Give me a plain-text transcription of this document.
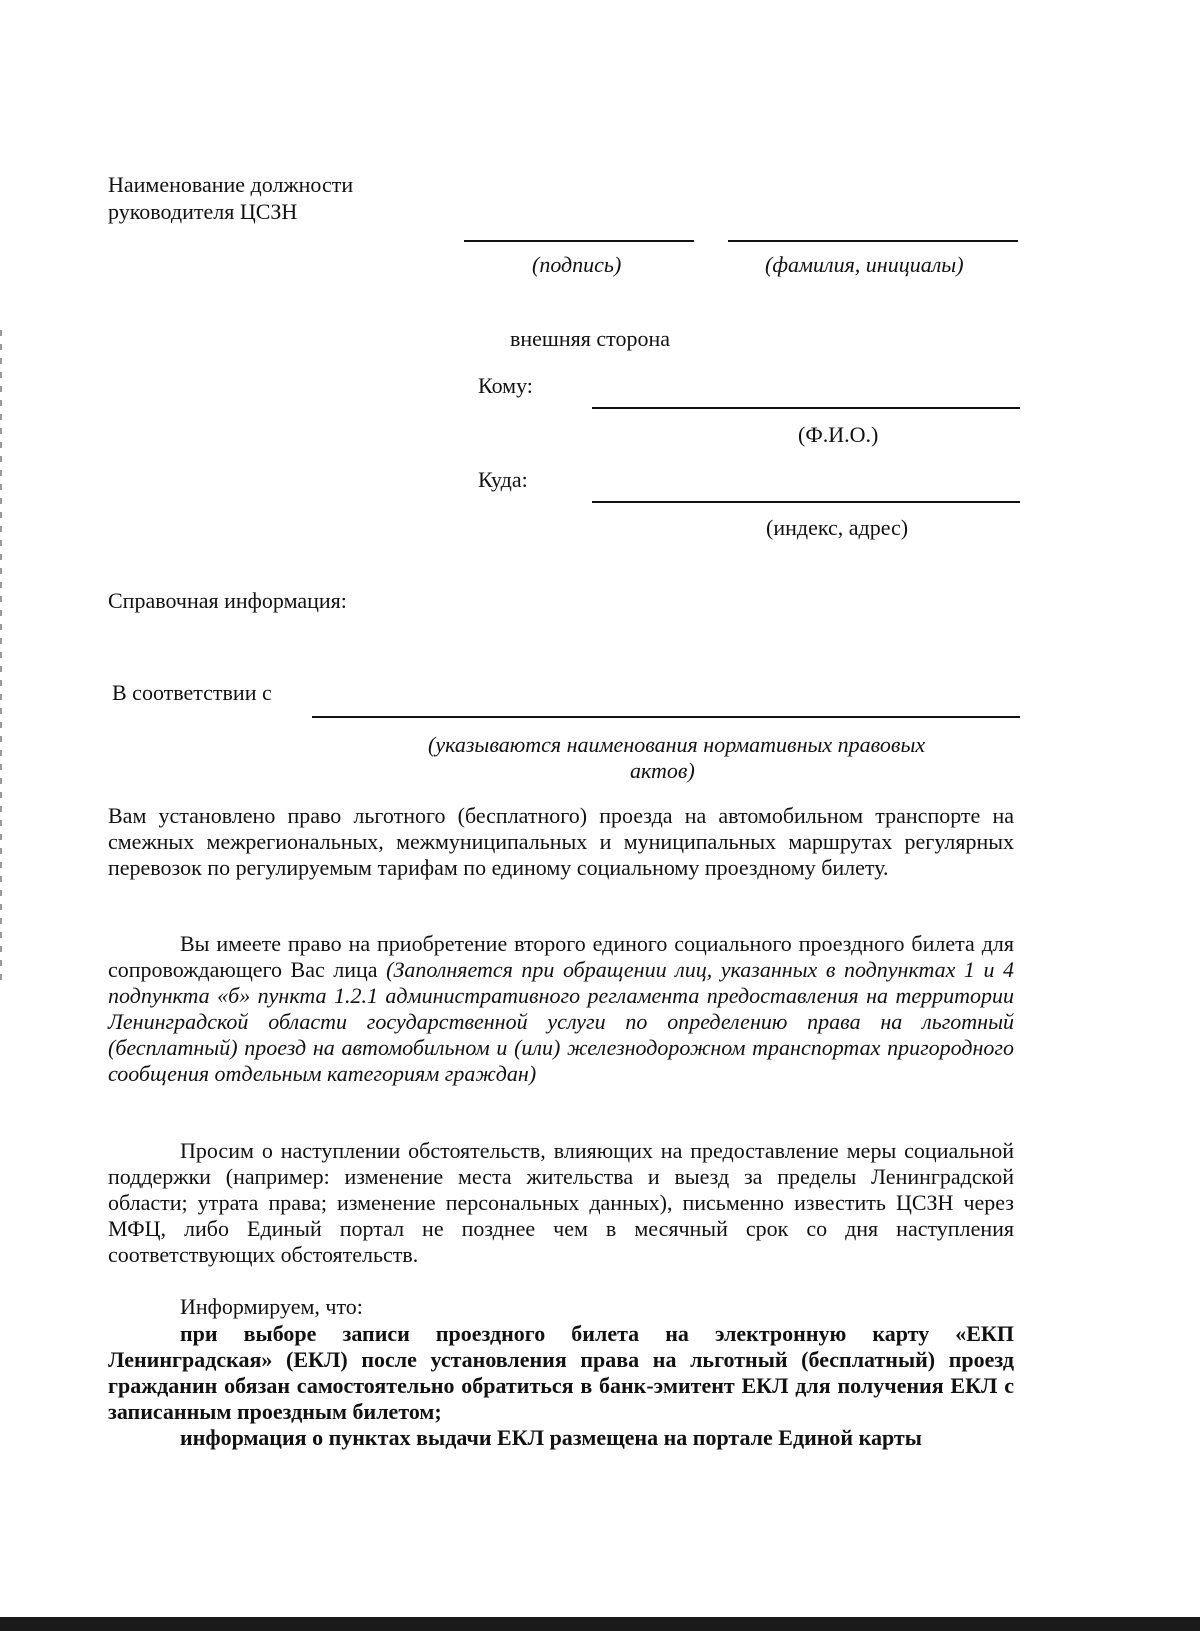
Наименование должности
руководителя ЦСЗН
(подпись)	(фамилия, инициалы)
внешняя сторона
Кому:
(Ф.И.О.)
Куда:
(индекс, адрес)
Справочная информация:
В соответствии с
(указываются наименования нормативных правовых
актов)
Вам установлено право льготного (бесплатного) проезда на автомобильном транспорте на смежных межрегиональных, межмуниципальных и муниципальных маршрутах регулярных перевозок по регулируемым тарифам по единому социальному проездному билету.
Вы имеете право на приобретение второго единого социального проездного билета для сопровождающего Вас лица (Заполняется при обращении лиц, указанных в подпунктах 1 и 4 подпункта «б» пункта 1.2.1 административного регламента предоставления на территории Ленинградской области государственной услуги по определению права на льготный (бесплатный) проезд на автомобильном и (или) железнодорожном транспортах пригородного сообщения отдельным категориям граждан)
Просим о наступлении обстоятельств, влияющих на предоставление меры социальной поддержки (например: изменение места жительства и выезд за пределы Ленинградской области; утрата права; изменение персональных данных), письменно известить ЦСЗН через МФЦ, либо Единый портал не позднее чем в месячный срок со дня наступления соответствующих обстоятельств.
Информируем, что:
при выборе записи проездного билета на электронную карту «ЕКП Ленинградская» (ЕКЛ) после установления права на льготный (бесплатный) проезд гражданин обязан самостоятельно обратиться в банк-эмитент ЕКЛ для получения ЕКЛ с записанным проездным билетом;
информация о пунктах выдачи ЕКЛ размещена на портале Единой карты
